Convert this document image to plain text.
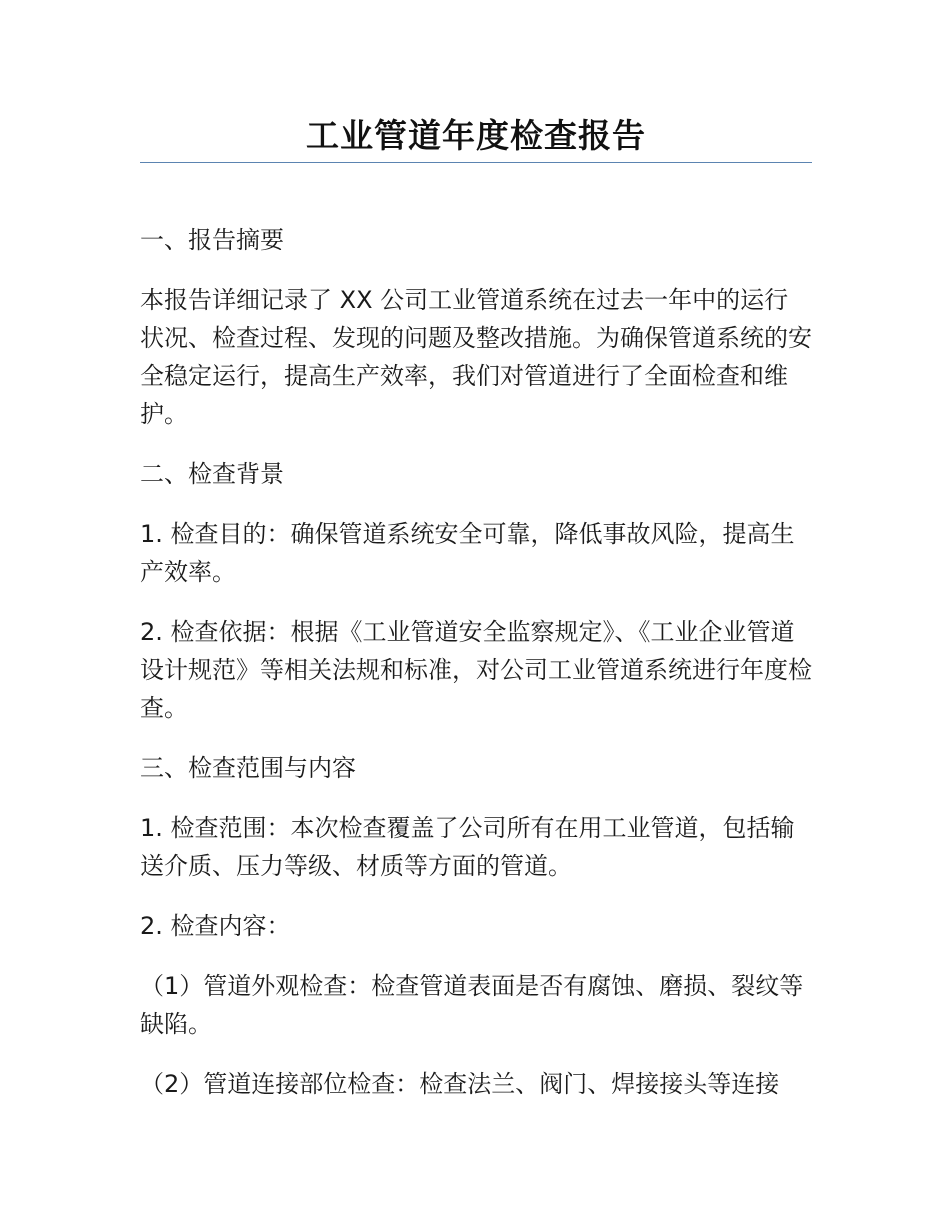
工业管道年度检查报告

一、报告摘要

本报告详细记录了 XX 公司工业管道系统在过去一年中的运行状况、检查过程、发现的问题及整改措施。为确保管道系统的安全稳定运行，提高生产效率，我们对管道进行了全面检查和维护。

二、检查背景

1. 检查目的：确保管道系统安全可靠，降低事故风险，提高生产效率。

2. 检查依据：根据《工业管道安全监察规定》、《工业企业管道设计规范》等相关法规和标准，对公司工业管道系统进行年度检查。

三、检查范围与内容

1. 检查范围：本次检查覆盖了公司所有在用工业管道，包括输送介质、压力等级、材质等方面的管道。

2. 检查内容：

（1）管道外观检查：检查管道表面是否有腐蚀、磨损、裂纹等缺陷。

（2）管道连接部位检查：检查法兰、阀门、焊接接头等连接
